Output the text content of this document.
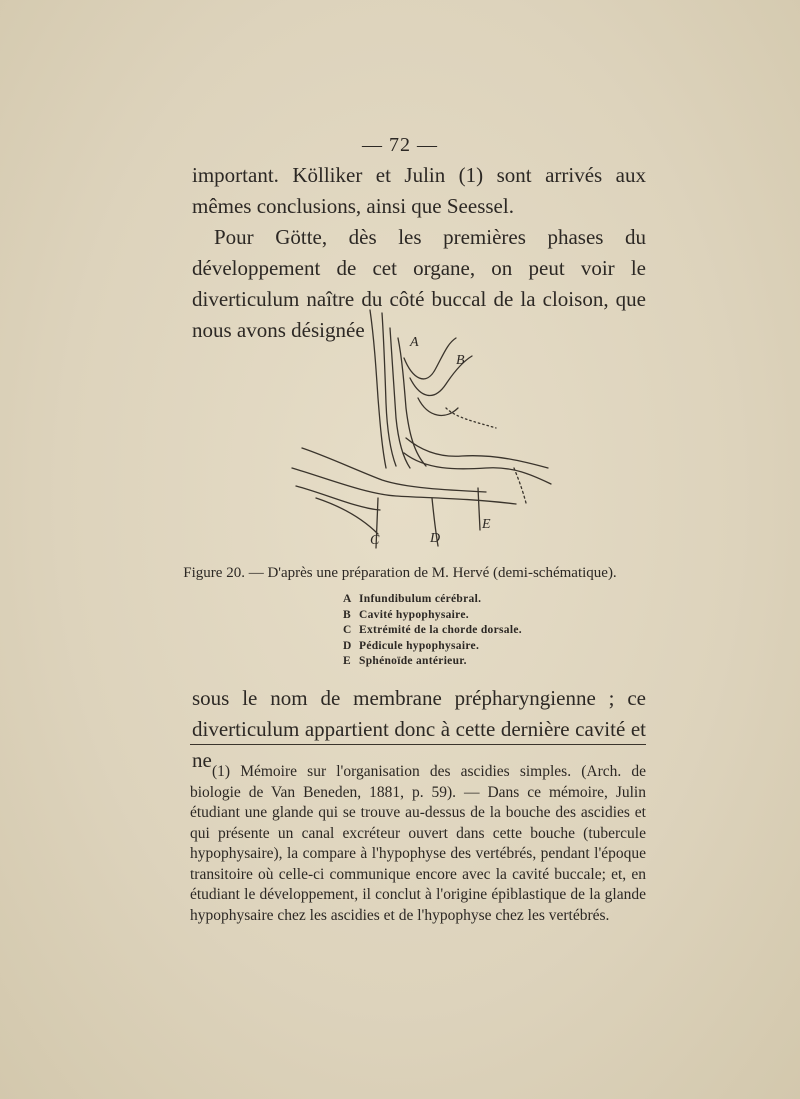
— 72 —

important. Kölliker et Julin (1) sont arrivés aux mêmes conclusions, ainsi que Seessel.

Pour Götte, dès les premières phases du développement de cet organe, on peut voir le diverticulum naître du côté buccal de la cloison, que nous avons désignée

A
B
C	D
E
Figure 20. — D'après une préparation de M. Hervé (demi-schématique).
A Infundibulum cérébral.
B Cavité hypophysaire.
C Extrémité de la chorde dorsale.
D Pédicule hypophysaire.
E Sphénoïde antérieur.

sous le nom de membrane prépharyngienne ; ce diverticulum appartient donc à cette dernière cavité et ne (1) Mémoire sur l'organisation des ascidies simples. (Arch. de biologie de Van Beneden, 1881, p. 59). — Dans ce mémoire, Julin étudiant une glande qui se trouve au-dessus de la bouche des ascidies et qui présente un canal excréteur ouvert dans cette bouche (tubercule hypophysaire), la compare à l'hypophyse des vertébrés, pendant l'époque transitoire où celle-ci communique encore avec la cavité buccale; et, en étudiant le développement, il conclut à l'origine épiblastique de la glande hypophysaire chez les ascidies et de l'hypophyse chez les vertébrés.
